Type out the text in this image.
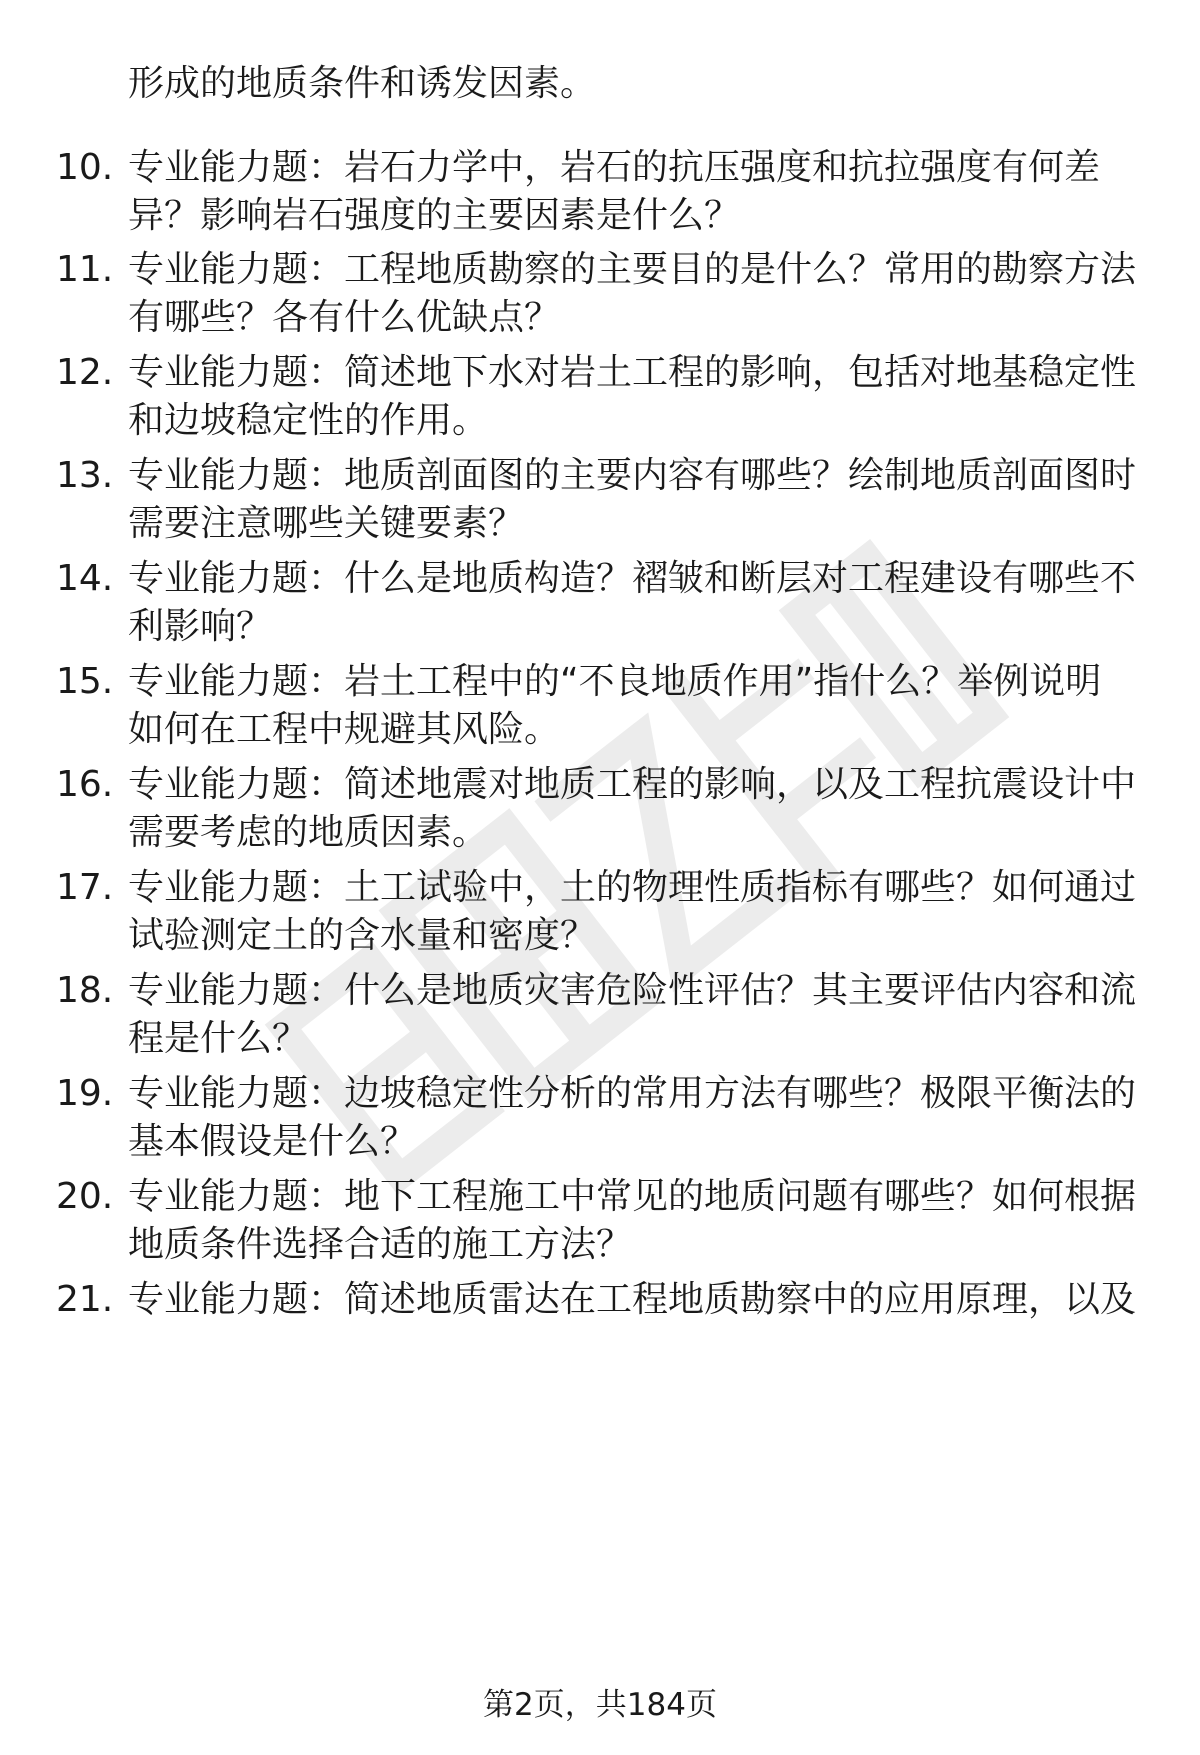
形成的地质条件和诱发因素。
10. 专业能力题：岩石力学中，岩石的抗压强度和抗拉强度有何差
异？影响岩石强度的主要因素是什么？
11. 专业能力题：工程地质勘察的主要目的是什么？常用的勘察方法
有哪些？各有什么优缺点？
12. 专业能力题：简述地下水对岩土工程的影响，包括对地基稳定性
和边坡稳定性的作用。
13. 专业能力题：地质剖面图的主要内容有哪些？绘制地质剖面图时
需要注意哪些关键要素？
14. 专业能力题：什么是地质构造？褶皱和断层对工程建设有哪些不
利影响？
15. 专业能力题：岩土工程中的“不良地质作用”指什么？举例说明
如何在工程中规避其风险。
16. 专业能力题：简述地震对地质工程的影响，以及工程抗震设计中
需要考虑的地质因素。
17. 专业能力题：土工试验中，土的物理性质指标有哪些？如何通过
试验测定土的含水量和密度？
18. 专业能力题：什么是地质灾害危险性评估？其主要评估内容和流
程是什么？
19. 专业能力题：边坡稳定性分析的常用方法有哪些？极限平衡法的
基本假设是什么？
20. 专业能力题：地下工程施工中常见的地质问题有哪些？如何根据
地质条件选择合适的施工方法？
21. 专业能力题：简述地质雷达在工程地质勘察中的应用原理，以及
第2页，共184页
